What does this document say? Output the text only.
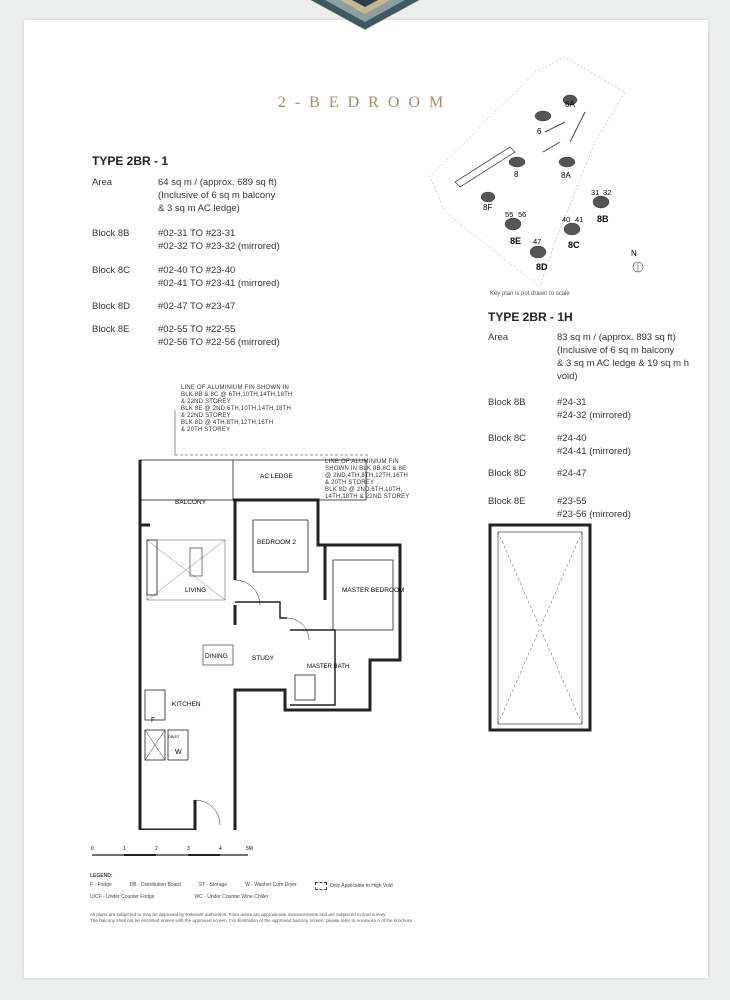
2-BEDROOM
TYPE 2BR - 1
Area	64 sq m / (approx. 689 sq ft)
(Inclusive of 6 sq m balcony
& 3 sq m AC ledge)
Block 8B	#02-31 TO #23-31
#02-32 TO #23-32 (mirrored)
Block 8C	#02-40 TO #23-40
#02-41 TO #23-41 (mirrored)
Block 8D	#02-47 TO #23-47
Block 8E	#02-55 TO #22-55
#02-56 TO #22-56 (mirrored)
TYPE 2BR - 1H
Area	83 sq m / (approx. 893 sq ft)
(Inclusive of 6 sq m balcony
& 3 sq m AC ledge & 19 sq m h
void)
Block 8B	#24-31
#24-32 (mirrored)
Block 8C	#24-40
#24-41 (mirrored)
Block 8D	#24-47
Block 8E	#23-55
#23-56 (mirrored)
6A
6
8	8A
31 32
8B
8F
55 56
8E
40 41
8C
47
8D
N
Key plan is not drawn to scale
LINE OF ALUMINIUM FIN SHOWN IN
BLK 8B & 8C @ 6TH,10TH,14TH,18TH
& 22ND STOREY
BLK 8E @ 2ND,6TH,10TH,14TH,18TH
& 22ND STOREY
BLK 8D @ 4TH,8TH,12TH,16TH
& 20TH STOREY
LINE OF ALUMINIUM FIN
SHOWN IN BLK 8B,8C & 8E
@ 2ND,4TH,8TH,12TH,16TH
& 20TH STOREY
BLK 8D @ 2ND,6TH,10TH,
14TH,18TH & 22ND STOREY
BALCONY
AC LEDGE
BEDROOM 2
LIVING	MASTER BEDROOM
DINING	STUDY
MASTER BATH
KITCHEN
F
W
DB/DT
0	1	2	3	4	5M
LEGEND:
F - Fridge	DB - Distribution Board	ST - Storage	W - Washer Cum Dryer	Only Applicable to High Void
U/CF - Under Counter Fridge	WC - Under Counter Wine Chiller
All plans are subjected to may be approved by Relevant authorities. Floor areas are approximate measurements and are subjected to final survey.
The balcony shall not be enclosed unless with the approved screen. For illustration of the approved balcony screen, please refer to Annexure A of the brochure.
